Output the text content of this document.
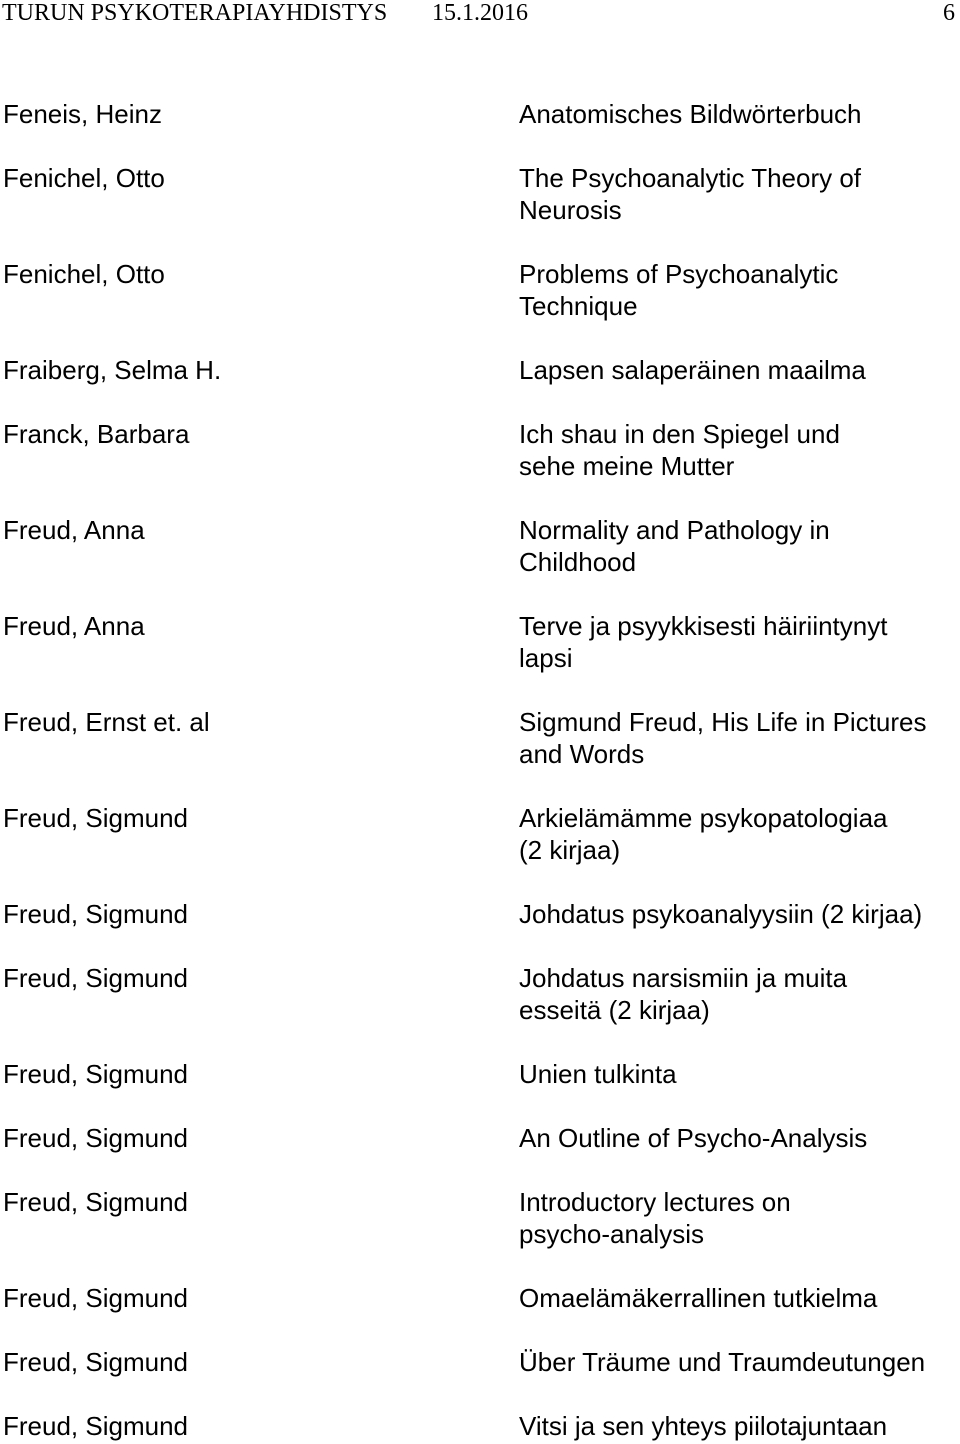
TURUN PSYKOTERAPIAYHDISTYS 15.1.2016	6
Feneis, Heinz	Anatomisches Bildwörterbuch
Fenichel, Otto	The Psychoanalytic Theory of
Neurosis
Fenichel, Otto	Problems of Psychoanalytic
Technique
Fraiberg, Selma H.	Lapsen salaperäinen maailma
Franck, Barbara	Ich shau in den Spiegel und
sehe meine Mutter
Freud, Anna	Normality and Pathology in
Childhood
Freud, Anna	Terve ja psyykkisesti häiriintynyt
lapsi
Freud, Ernst et. al	Sigmund Freud, His Life in Pictures
and Words
Freud, Sigmund	Arkielämämme psykopatologiaa
(2 kirjaa)
Freud, Sigmund	Johdatus psykoanalyysiin (2 kirjaa)
Freud, Sigmund	Johdatus narsismiin ja muita
esseitä (2 kirjaa)
Freud, Sigmund	Unien tulkinta
Freud, Sigmund	An Outline of Psycho-Analysis
Freud, Sigmund	Introductory lectures on
psycho-analysis
Freud, Sigmund	Omaelämäkerrallinen tutkielma
Freud, Sigmund	Über Träume und Traumdeutungen
Freud, Sigmund	Vitsi ja sen yhteys piilotajuntaan
